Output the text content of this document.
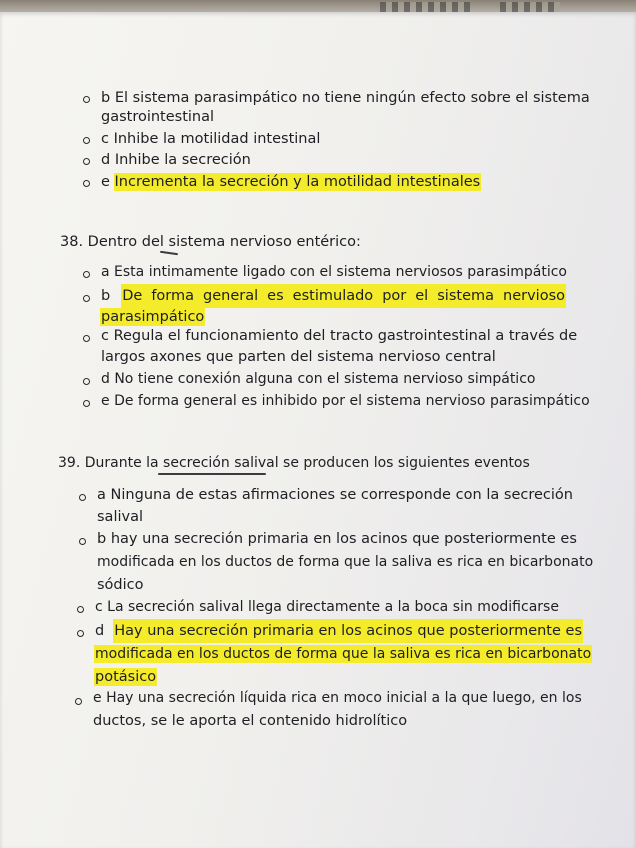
b El sistema parasimpático no tiene ningún efecto sobre el sistema
gastrointestinal
c Inhibe la motilidad intestinal
d Inhibe la secreción
e Incrementa la secreción y la motilidad intestinales
38. Dentro del sistema nervioso entérico:
a Esta intimamente ligado con el sistema nerviosos parasimpático
b De forma general es estimulado por el sistema nervioso
parasimpático
c Regula el funcionamiento del tracto gastrointestinal a través de
largos axones que parten del sistema nervioso central
d No tiene conexión alguna con el sistema nervioso simpático
e De forma general es inhibido por el sistema nervioso parasimpático
39. Durante la secreción salival se producen los siguientes eventos
a Ninguna de estas afirmaciones se corresponde con la secreción
salival
b hay una secreción primaria en los acinos que posteriormente es
modificada en los ductos de forma que la saliva es rica en bicarbonato
sódico
c La secreción salival llega directamente a la boca sin modificarse
d Hay una secreción primaria en los acinos que posteriormente es
modificada en los ductos de forma que la saliva es rica en bicarbonato
potásico
e Hay una secreción líquida rica en moco inicial a la que luego, en los
ductos, se le aporta el contenido hidrolítico
